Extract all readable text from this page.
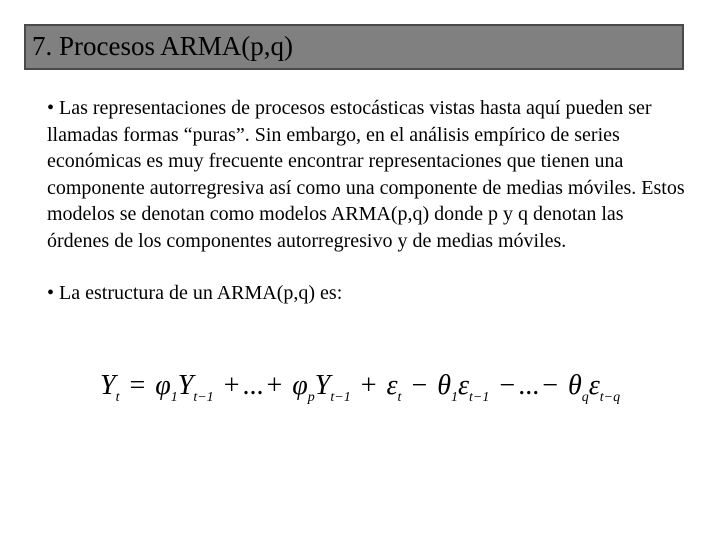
7. Procesos ARMA(p,q)

• Las representaciones de procesos estocásticas vistas hasta aquí pueden ser llamadas formas “puras”. Sin embargo, en el análisis empírico de series económicas es muy frecuente encontrar representaciones que tienen una componente autorregresiva así como una componente de medias móviles. Estos modelos se denotan como modelos ARMA(p,q) donde p y q denotan las órdenes de los componentes autorregresivo y de medias móviles.

• La estructura de un ARMA(p,q) es:

$Y_t = \varphi_1Y_{t-1}$ + ... + $\varphi_pY_{t-1} + \varepsilon_t - \theta_1\varepsilon_{t-1}$ − ... − $\theta_q\varepsilon_{t-q}$
